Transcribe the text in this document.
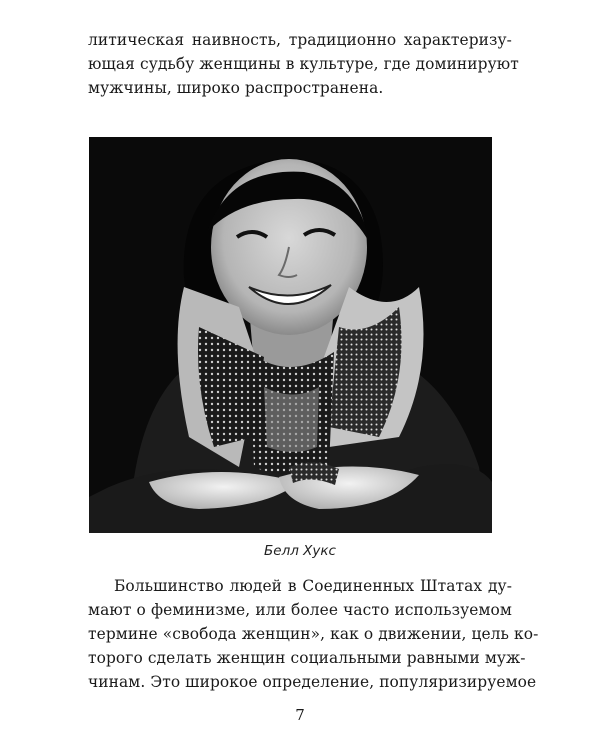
литическая наивность, традиционно характеризу-
ющая судьбу женщины в культуре, где доминируют
мужчины, широко распространена.
Белл Хукс
Большинство людей в Соединенных Штатах ду-
мают о феминизме, или более часто используемом
термине «свобода женщин», как о движении, цель ко-
торого сделать женщин социальными равными муж-
чинам. Это широкое определение, популяризируемое
7
